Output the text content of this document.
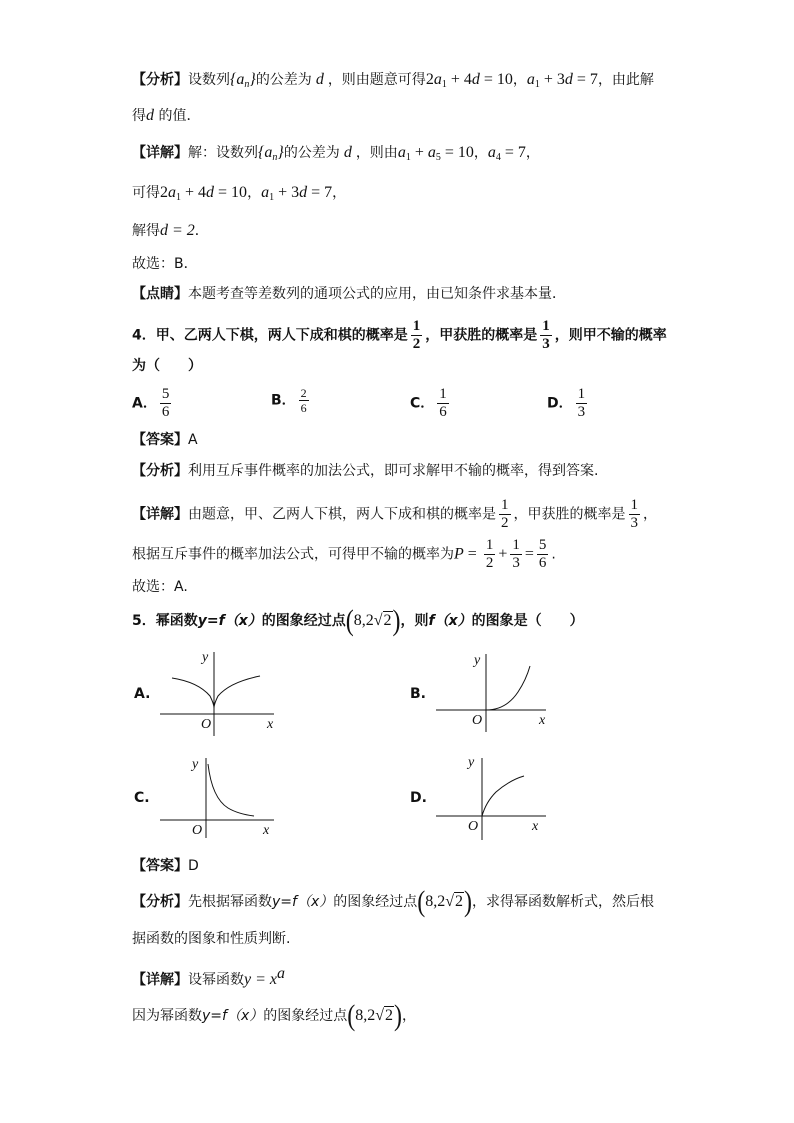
【分析】设数列$\{a_n\}$的公差为 d ，则由题意可得$2a_1 + 4d = 10$，$a_1 + 3d = 7$，由此解
得d 的值．
【详解】解：设数列$\{a_n\}$的公差为 d ，则由$a_1 + a_5 = 10$，$a_4 = 7$，
可得$2a_1 + 4d = 10$，$a_1 + 3d = 7$，
解得d = 2．
故选：B．
【点睛】本题考查等差数列的通项公式的应用，由已知条件求基本量．
4．甲、乙两人下棋，两人下成和棋的概率是 $\frac{1}{2}$ ，甲获胜的概率是 $\frac{1}{3}$ ，则甲不输的概率
为（　　）
A． $\frac{5}{6}$	B． $\frac{2}{6}$	C． $\frac{1}{6}$	D． $\frac{1}{3}$
【答案】A
【分析】利用互斥事件概率的加法公式，即可求解甲不输的概率，得到答案.
【详解】由题意，甲、乙两人下棋，两人下成和棋的概率是 $\frac{1}{2}$ ，甲获胜的概率是 $\frac{1}{3}$ ，
根据互斥事件的概率加法公式，可得甲不输的概率为$P = \frac{1}{2} + \frac{1}{3} = \frac{5}{6}$ .
故选：A.
5．幂函数y=f（x）的图象经过点(8,2√2)，则f（x）的图象是（　　）
A.	B.
C.	D.
y
x
O
y
x
O
y
x
O
y
x
O
【答案】D
【分析】先根据幂函数y=f（x）的图象经过点(8,2√2)，求得幂函数解析式，然后根
据函数的图象和性质判断.
【详解】设幂函数$y = x^a$
因为幂函数y=f（x）的图象经过点(8,2√2)，
